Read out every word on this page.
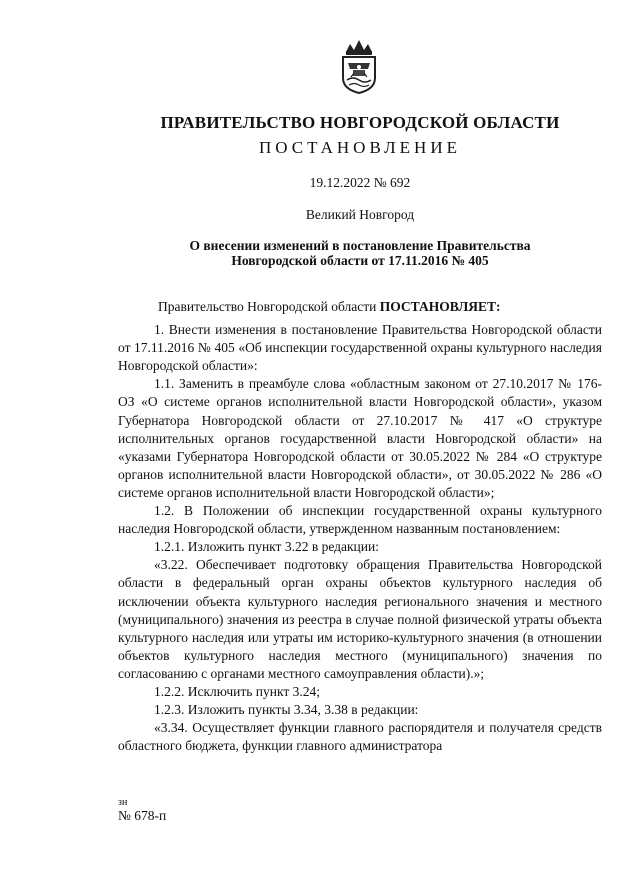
ПРАВИТЕЛЬСТВО НОВГОРОДСКОЙ ОБЛАСТИ
ПОСТАНОВЛЕНИЕ
19.12.2022 № 692
Великий Новгород
О внесении изменений в постановление Правительства
Новгородской области от 17.11.2016 № 405

Правительство Новгородской области ПОСТАНОВЛЯЕТ:

1. Внести изменения в постановление Правительства Новгородской области от 17.11.2016 № 405 «Об инспекции государственной охраны культурного наследия Новгородской области»:

1.1. Заменить в преамбуле слова «областным законом от 27.10.2017 № 176-ОЗ «О системе органов исполнительной власти Новгородской области», указом Губернатора Новгородской области от 27.10.2017 № 417 «О структуре исполнительных органов государственной власти Новгородской области» на «указами Губернатора Новгородской области от 30.05.2022 № 284 «О структуре органов исполнительной власти Новгородской области», от 30.05.2022 № 286 «О системе органов исполнительной власти Новгородской области»;

1.2. В Положении об инспекции государственной охраны культурного наследия Новгородской области, утвержденном названным постановлением:

1.2.1. Изложить пункт 3.22 в редакции:

«3.22. Обеспечивает подготовку обращения Правительства Новгородской области в федеральный орган охраны объектов культурного наследия об исключении объекта культурного наследия регионального значения и местного (муниципального) значения из реестра в случае полной физической утраты объекта культурного наследия или утраты им историко-культурного значения (в отношении объектов культурного наследия местного (муниципального) значения по согласованию с органами местного самоуправления области).»;

1.2.2. Исключить пункт 3.24;

1.2.3. Изложить пункты 3.34, 3.38 в редакции:

«3.34. Осуществляет функции главного распорядителя и получателя средств областного бюджета, функции главного администратора

зн
№ 678-п
